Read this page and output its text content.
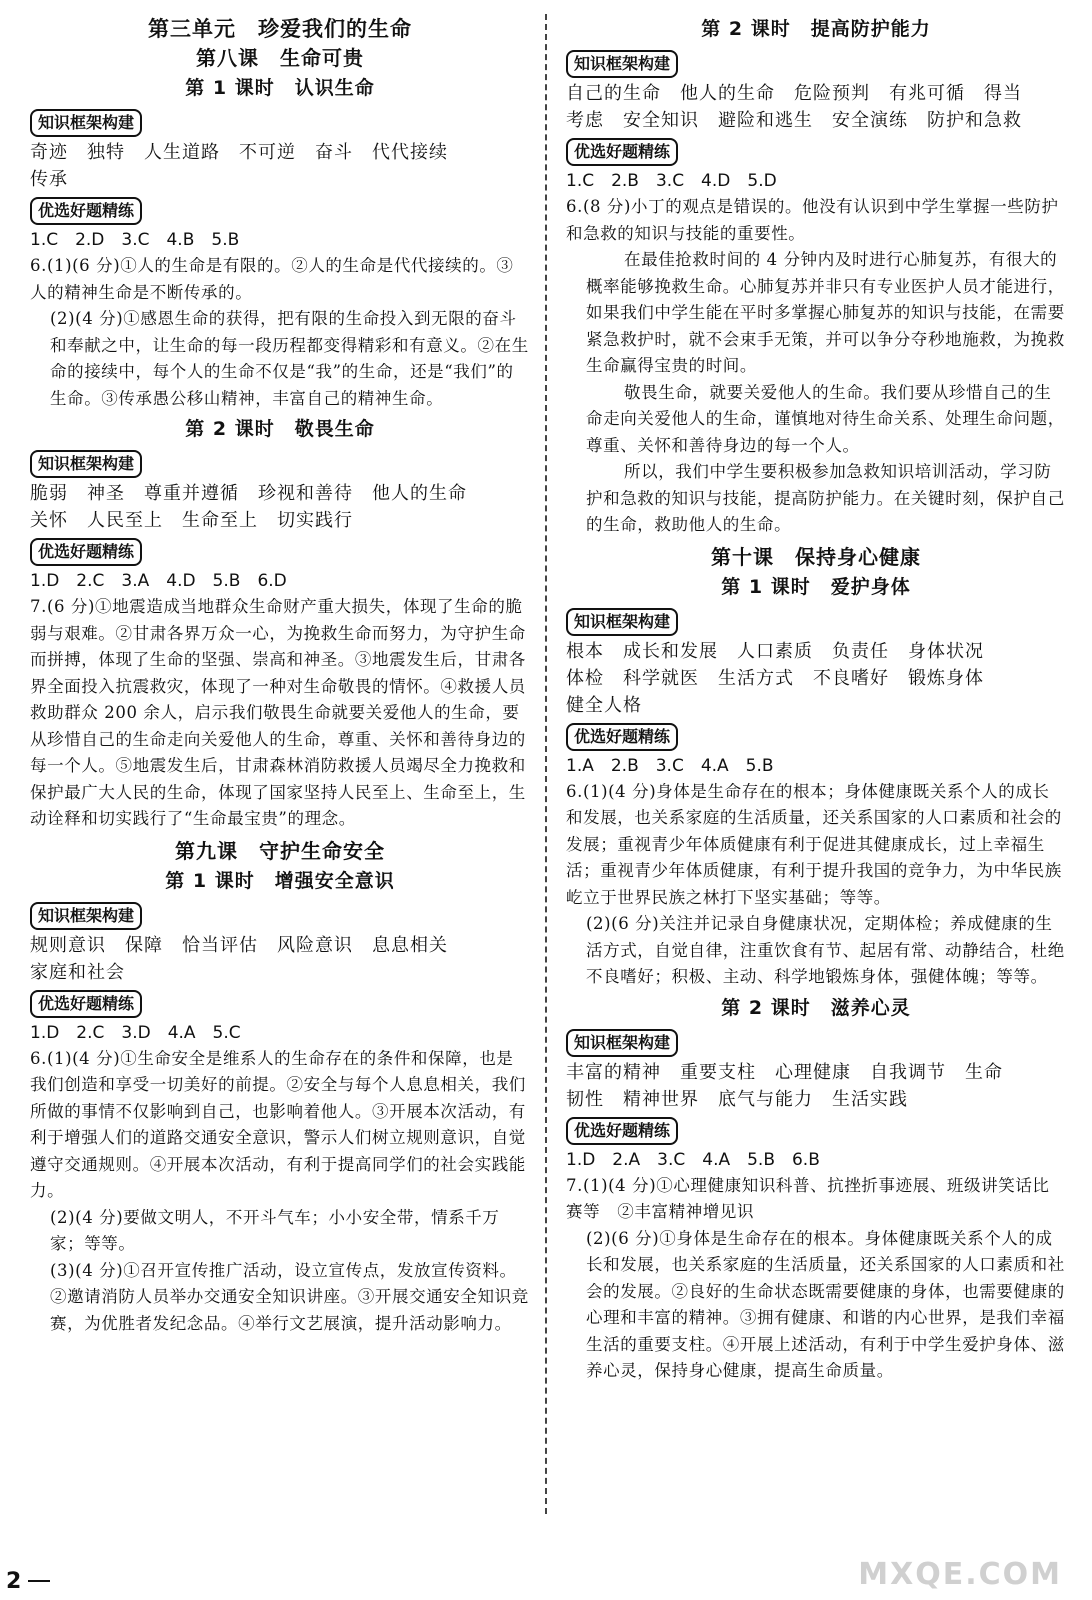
第三单元　珍爱我们的生命
第八课　生命可贵
第 1 课时　认识生命
知识框架构建
奇迹　独特　人生道路　不可逆　奋斗　代代接续
传承
优选好题精练
1.C　2.D　3.C　4.B　5.B
6.(1)(6 分)①人的生命是有限的。②人的生命是代代接续的。③人的精神生命是不断传承的。
(2)(4 分)①感恩生命的获得，把有限的生命投入到无限的奋斗和奉献之中，让生命的每一段历程都变得精彩和有意义。②在生命的接续中，每个人的生命不仅是“我”的生命，还是“我们”的生命。③传承愚公移山精神，丰富自己的精神生命。
第 2 课时　敬畏生命
知识框架构建
脆弱　神圣　尊重并遵循　珍视和善待　他人的生命
关怀　人民至上　生命至上　切实践行
优选好题精练
1.D　2.C　3.A　4.D　5.B　6.D
7.(6 分)①地震造成当地群众生命财产重大损失，体现了生命的脆弱与艰难。②甘肃各界万众一心，为挽救生命而努力，为守护生命而拼搏，体现了生命的坚强、崇高和神圣。③地震发生后，甘肃各界全面投入抗震救灾，体现了一种对生命敬畏的情怀。④救援人员救助群众 200 余人，启示我们敬畏生命就要关爱他人的生命，要从珍惜自己的生命走向关爱他人的生命，尊重、关怀和善待身边的每一个人。⑤地震发生后，甘肃森林消防救援人员竭尽全力挽救和保护最广大人民的生命，体现了国家坚持人民至上、生命至上，生动诠释和切实践行了“生命最宝贵”的理念。
第九课　守护生命安全
第 1 课时　增强安全意识
知识框架构建
规则意识　保障　恰当评估　风险意识　息息相关
家庭和社会
优选好题精练
1.D　2.C　3.D　4.A　5.C
6.(1)(4 分)①生命安全是维系人的生命存在的条件和保障，也是我们创造和享受一切美好的前提。②安全与每个人息息相关，我们所做的事情不仅影响到自己，也影响着他人。③开展本次活动，有利于增强人们的道路交通安全意识，警示人们树立规则意识，自觉遵守交通规则。④开展本次活动，有利于提高同学们的社会实践能力。
(2)(4 分)要做文明人，不开斗气车；小小安全带，情系千万家；等等。
(3)(4 分)①召开宣传推广活动，设立宣传点，发放宣传资料。②邀请消防人员举办交通安全知识讲座。③开展交通安全知识竞赛，为优胜者发纪念品。④举行文艺展演，提升活动影响力。
第 2 课时　提高防护能力
知识框架构建
自己的生命　他人的生命　危险预判　有兆可循　得当
考虑　安全知识　避险和逃生　安全演练　防护和急救
优选好题精练
1.C　2.B　3.C　4.D　5.D
6.(8 分)小丁的观点是错误的。他没有认识到中学生掌握一些防护和急救的知识与技能的重要性。
在最佳抢救时间的 4 分钟内及时进行心肺复苏，有很大的概率能够挽救生命。心肺复苏并非只有专业医护人员才能进行，如果我们中学生能在平时多掌握心肺复苏的知识与技能，在需要紧急救护时，就不会束手无策，并可以争分夺秒地施救，为挽救生命赢得宝贵的时间。
敬畏生命，就要关爱他人的生命。我们要从珍惜自己的生命走向关爱他人的生命，谨慎地对待生命关系、处理生命问题，尊重、关怀和善待身边的每一个人。
所以，我们中学生要积极参加急救知识培训活动，学习防护和急救的知识与技能，提高防护能力。在关键时刻，保护自己的生命，救助他人的生命。
第十课　保持身心健康
第 1 课时　爱护身体
知识框架构建
根本　成长和发展　人口素质　负责任　身体状况
体检　科学就医　生活方式　不良嗜好　锻炼身体
健全人格
优选好题精练
1.A　2.B　3.C　4.A　5.B
6.(1)(4 分)身体是生命存在的根本；身体健康既关系个人的成长和发展，也关系家庭的生活质量，还关系国家的人口素质和社会的发展；重视青少年体质健康有利于促进其健康成长，过上幸福生活；重视青少年体质健康，有利于提升我国的竞争力，为中华民族屹立于世界民族之林打下坚实基础；等等。
(2)(6 分)关注并记录自身健康状况，定期体检；养成健康的生活方式，自觉自律，注重饮食有节、起居有常、动静结合，杜绝不良嗜好；积极、主动、科学地锻炼身体，强健体魄；等等。
第 2 课时　滋养心灵
知识框架构建
丰富的精神　重要支柱　心理健康　自我调节　生命
韧性　精神世界　底气与能力　生活实践
优选好题精练
1.D　2.A　3.C　4.A　5.B　6.B
7.(1)(4 分)①心理健康知识科普、抗挫折事迹展、班级讲笑话比赛等　②丰富精神增见识
(2)(6 分)①身体是生命存在的根本。身体健康既关系个人的成长和发展，也关系家庭的生活质量，还关系国家的人口素质和社会的发展。②良好的生命状态既需要健康的身体，也需要健康的心理和丰富的精神。③拥有健康、和谐的内心世界，是我们幸福生活的重要支柱。④开展上述活动，有利于中学生爱护身体、滋养心灵，保持身心健康，提高生命质量。
2	MXQE.COM
